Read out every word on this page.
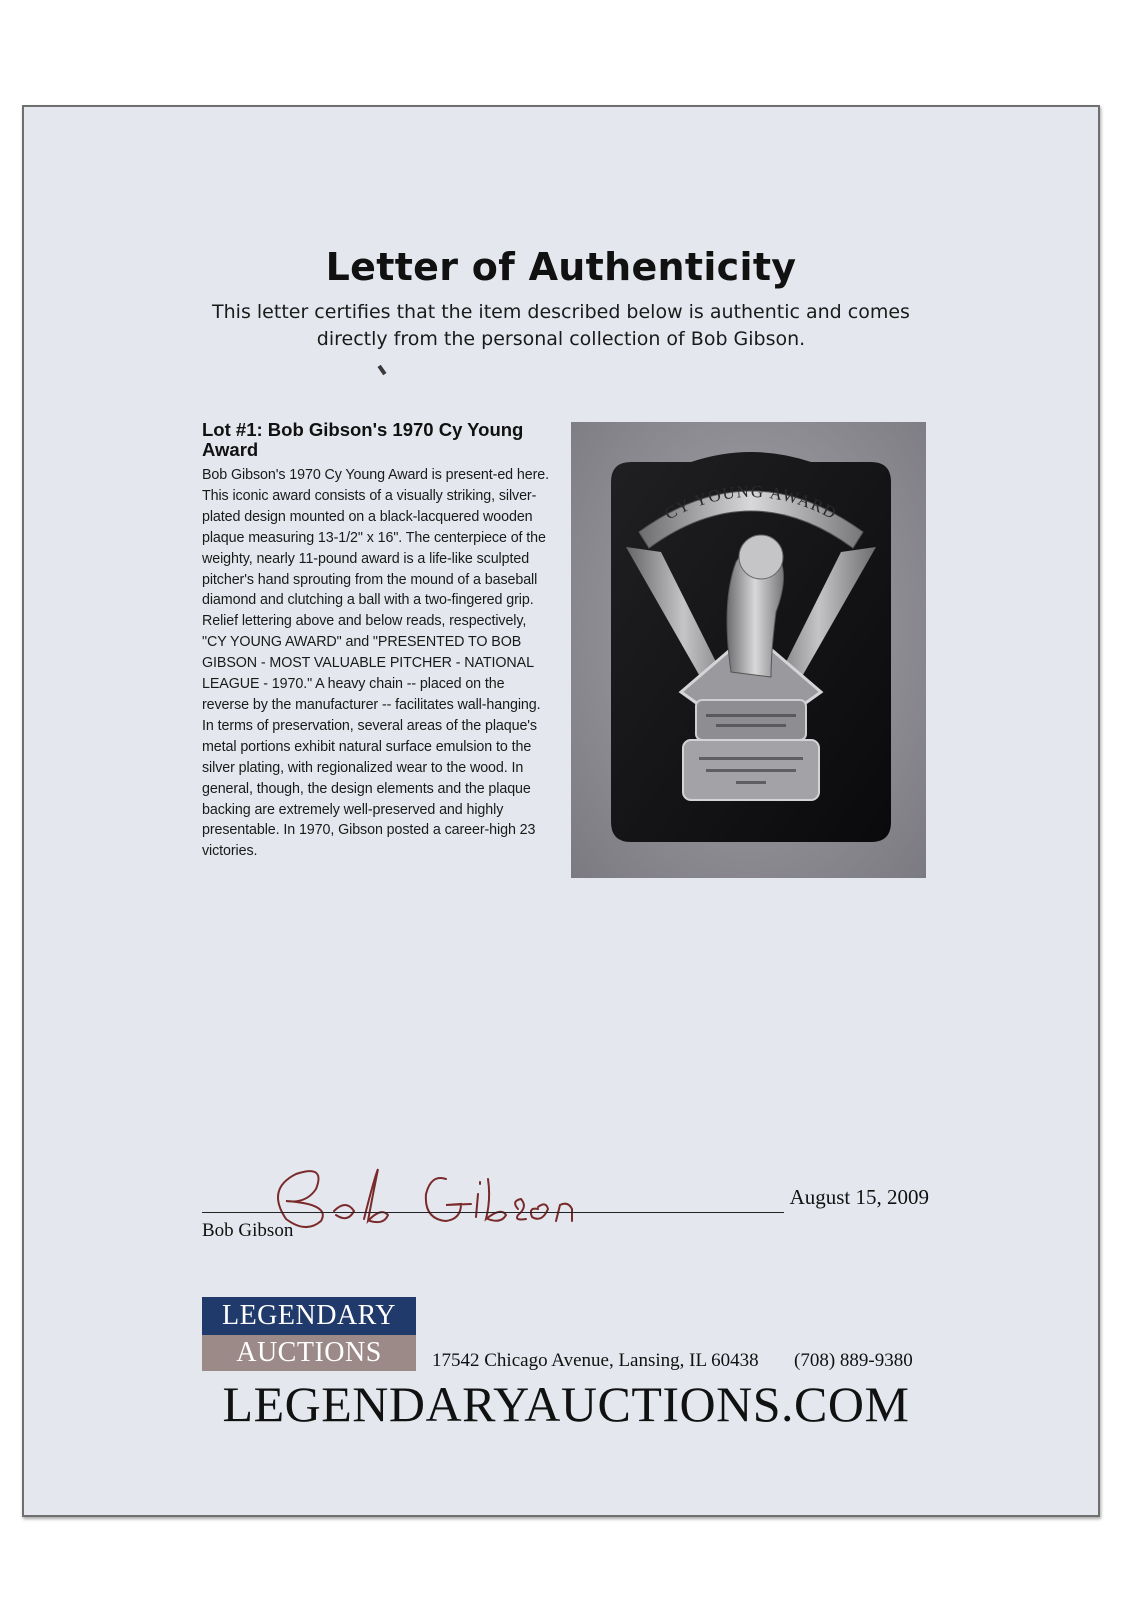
Letter of Authenticity
This letter certifies that the item described below is authentic and comes directly from the personal collection of Bob Gibson.
Lot #1: Bob Gibson's 1970 Cy Young Award
Bob Gibson's 1970 Cy Young Award is present-ed here. This iconic award consists of a visually striking, silver-plated design mounted on a black-lacquered wooden plaque measuring 13-1/2" x 16". The centerpiece of the weighty, nearly 11-pound award is a life-like sculpted pitcher's hand sprouting from the mound of a baseball diamond and clutching a ball with a two-fingered grip. Relief lettering above and below reads, respectively, "CY YOUNG AWARD" and "PRESENTED TO BOB GIBSON - MOST VALUABLE PITCHER - NATIONAL LEAGUE - 1970." A heavy chain -- placed on the reverse by the manufacturer -- facilitates wall-hanging. In terms of preservation, several areas of the plaque's metal portions exhibit natural surface emulsion to the silver plating, with regionalized wear to the wood. In general, though, the design elements and the plaque backing are extremely well-preserved and highly presentable. In 1970, Gibson posted a career-high 23 victories.
CY YOUNG AWARD
Bob Gibson
August 15, 2009
LEGENDARY
AUCTIONS	17542 Chicago Avenue, Lansing, IL 60438 (708) 889-9380
LEGENDARYAUCTIONS.COM
